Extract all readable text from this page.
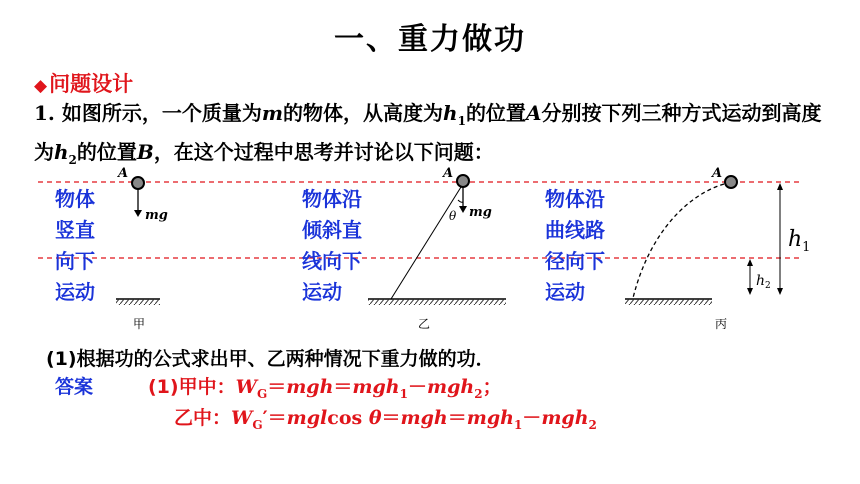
一、重力做功
◆问题设计
1. 如图所示，一个质量为m的物体，从高度为$h_1$的位置A分别按下列三种方式运动到高度为$h_2$的位置B，在这个过程中思考并讨论以下问题：
A
mg
A
θ mg
A
$h_1$
$h_2$
甲	乙	丙
物体
竖直
向下
运动
物体沿
倾斜直
线向下
运动
物体沿
曲线路
径向下
运动
(1)根据功的公式求出甲、乙两种情况下重力做的功．
答案	(1)甲中：$W_G=mgh=mgh_1-mgh_2$；
乙中：$W_G'=mglcos$ θ＝mgh＝mgh$_1$－mgh$_2$
